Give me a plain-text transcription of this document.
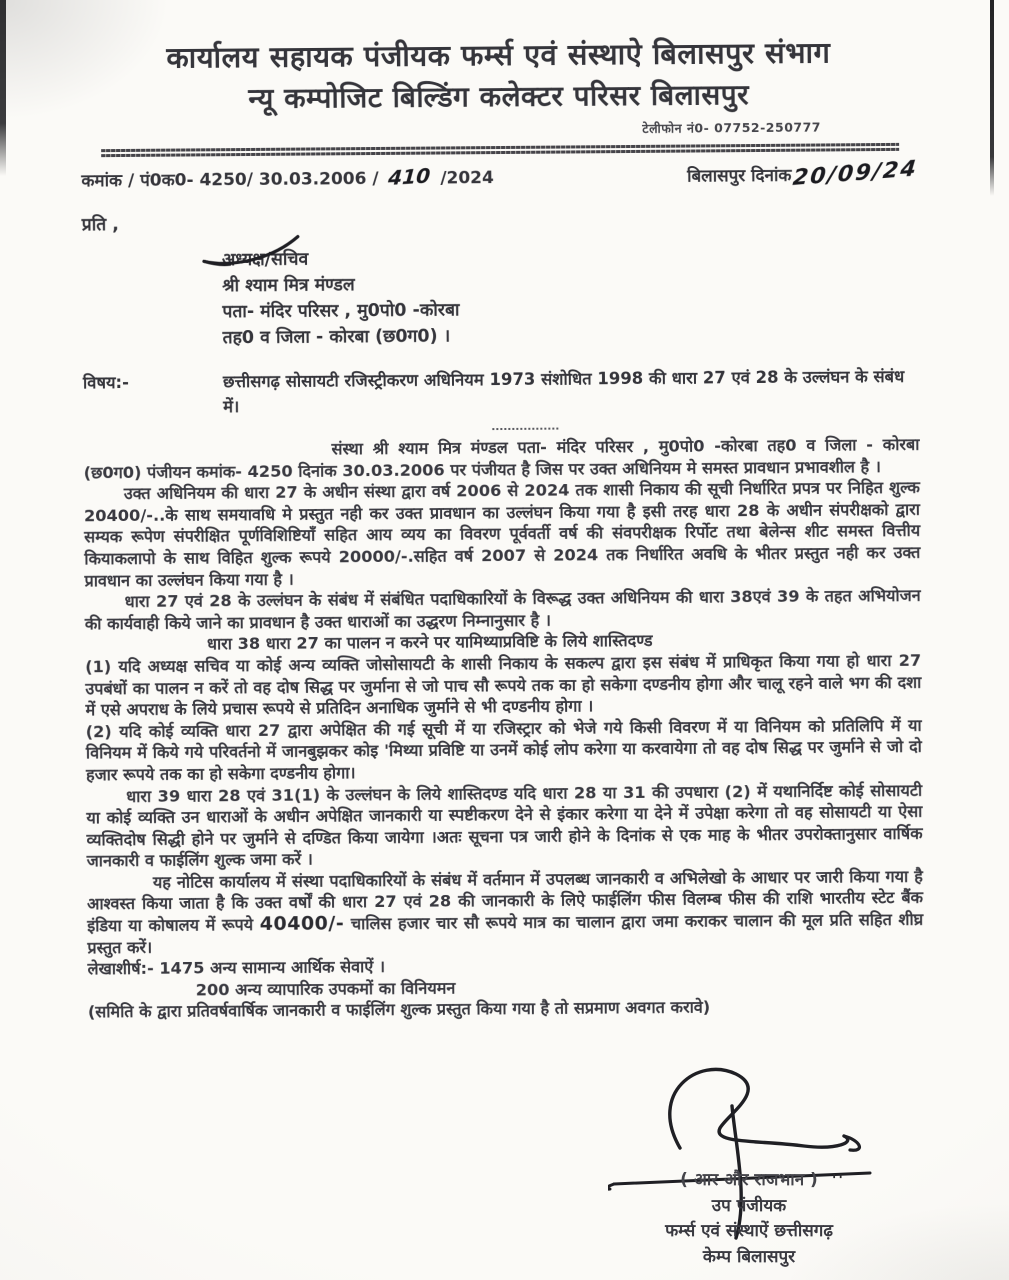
कार्यालय सहायक पंजीयक फर्म्स एवं संस्थाऐ बिलासपुर संभाग
न्यू कम्पोजिट बिल्डिंग कलेक्टर परिसर बिलासपुर
टेलीफोन नं0- 07752-250777
कमांक / पं0क0- 4250/ 30.03.2006 / 410 /2024	बिलासपुर दिनांक20/09/24
प्रति ,
अध्यक्ष/सचिव
श्री श्याम मित्र मंण्डल
पता- मंदिर परिसर , मु0पो0 -कोरबा
तह0 व जिला - कोरबा (छ0ग0) ।
विषय:-	छत्तीसगढ़ सोसायटी रजिस्ट्रीकरण अधिनियम 1973 संशोधित 1998 की धारा 27 एवं 28 के उल्लंघन के संबंध में।

संस्था श्री श्याम मित्र मंण्डल पता- मंदिर परिसर , मु0पो0 -कोरबा तह0 व जिला - कोरबा (छ0ग0) पंजीयन कमांक- 4250 दिनांक 30.03.2006 पर पंजीयत है जिस पर उक्त अधिनियम मे समस्त प्रावधान प्रभावशील है ।

उक्त अधिनियम की धारा 27 के अधीन संस्था द्वारा वर्ष 2006 से 2024 तक शासी निकाय की सूची निर्धारित प्रपत्र पर निहित शुल्क 20400/-..के साथ समयावधि मे प्रस्तुत नही कर उक्त प्रावधान का उल्लंघन किया गया है इसी तरह धारा 28 के अधीन संपरीक्षको द्वारा सम्यक रूपेण संपरीक्षित पूर्णविशिष्टियॉं सहित आय व्यय का विवरण पूर्ववर्ती वर्ष की संवपरीक्षक रिर्पोट तथा बेलेन्स शीट समस्त वित्तीय कियाकलापो के साथ विहित शुल्क रूपये 20000/-.सहित वर्ष 2007 से 2024 तक निर्धारित अवधि के भीतर प्रस्तुत नही कर उक्त प्रावधान का उल्लंघन किया गया है ।

धारा 27 एवं 28 के उल्लंघन के संबंध में संबंधित पदाधिकारियों के विरूद्ध उक्त अधिनियम की धारा 38एवं 39 के तहत अभियोजन की कार्यवाही किये जाने का प्रावधान है उक्त धाराओं का उद्धरण निम्नानुसार है ।

धारा 38 धारा 27 का पालन न करने पर यामिथ्याप्रविष्टि के लिये शास्तिदण्ड

(1) यदि अध्यक्ष सचिव या कोई अन्य व्यक्ति जोसोसायटी के शासी निकाय के सकल्प द्वारा इस संबंध में प्राधिकृत किया गया हो धारा 27 उपबंधों का पालन न करें तो वह दोष सिद्ध पर जुर्माना से जो पाच सौ रूपये तक का हो सकेगा दण्डनीय होगा और चालू रहने वाले भग की दशा में एसे अपराध के लिये प्रचास रूपये से प्रतिदिन अनाधिक जुर्माने से भी दण्डनीय होगा ।

(2) यदि कोई व्यक्ति धारा 27 द्वारा अपेक्षित की गई सूची में या रजिस्ट्रार को भेजे गये किसी विवरण में या विनियम को प्रतिलिपि में या विनियम में किये गये परिवर्तनो में जानबुझकर कोइ 'मिथ्या प्रविष्टि या उनमें कोई लोप करेगा या करवायेगा तो वह दोष सिद्ध पर जुर्माने से जो दो हजार रूपये तक का हो सकेगा दण्डनीय होगा।

धारा 39 धारा 28 एवं 31(1) के उल्लंघन के लिये शास्तिदण्ड यदि धारा 28 या 31 की उपधारा (2) में यथानिर्दिष्ट कोई सोसायटी या कोई व्यक्ति उन धाराओं के अधीन अपेक्षित जानकारी या स्पष्टीकरण देने से इंकार करेगा या देने में उपेक्षा करेगा तो वह सोसायटी या ऐसा व्यक्तिदोष सिद्धी होने पर जुर्माने से दण्डित किया जायेगा ।अतः सूचना पत्र जारी होने के दिनांक से एक माह के भीतर उपरोक्तानुसार वार्षिक जानकारी व फाईलिंग शुल्क जमा करें ।

यह नोटिस कार्यालय में संस्था पदाधिकारियों के संबंध में वर्तमान में उपलब्ध जानकारी व अभिलेखो के आधार पर जारी किया गया है आश्वस्त किया जाता है कि उक्त वर्षों की धारा 27 एवं 28 की जानकारी के लिऐ फाईलिंग फीस विलम्ब फीस की राशि भारतीय स्टेट बैंक इंडिया या कोषालय में रूपये 40400/- चालिस हजार चार सौ रूपये मात्र का चालान द्वारा जमा कराकर चालान की मूल प्रति सहित शीघ्र प्रस्तुत करें।

लेखाशीर्ष:- 1475 अन्य सामान्य आर्थिक सेवाऐं ।

200 अन्य व्यापारिक उपकमों का विनियमन

(समिति के द्वारा प्रतिवर्षवार्षिक जानकारी व फाईलिंग शुल्क प्रस्तुत किया गया है तो सप्रमाण अवगत करावे)

( आर और राजभान ) ''
उप पंजीयक
फर्म्स एवं संस्थाऐं छत्तीसगढ़
केम्प बिलासपुर
